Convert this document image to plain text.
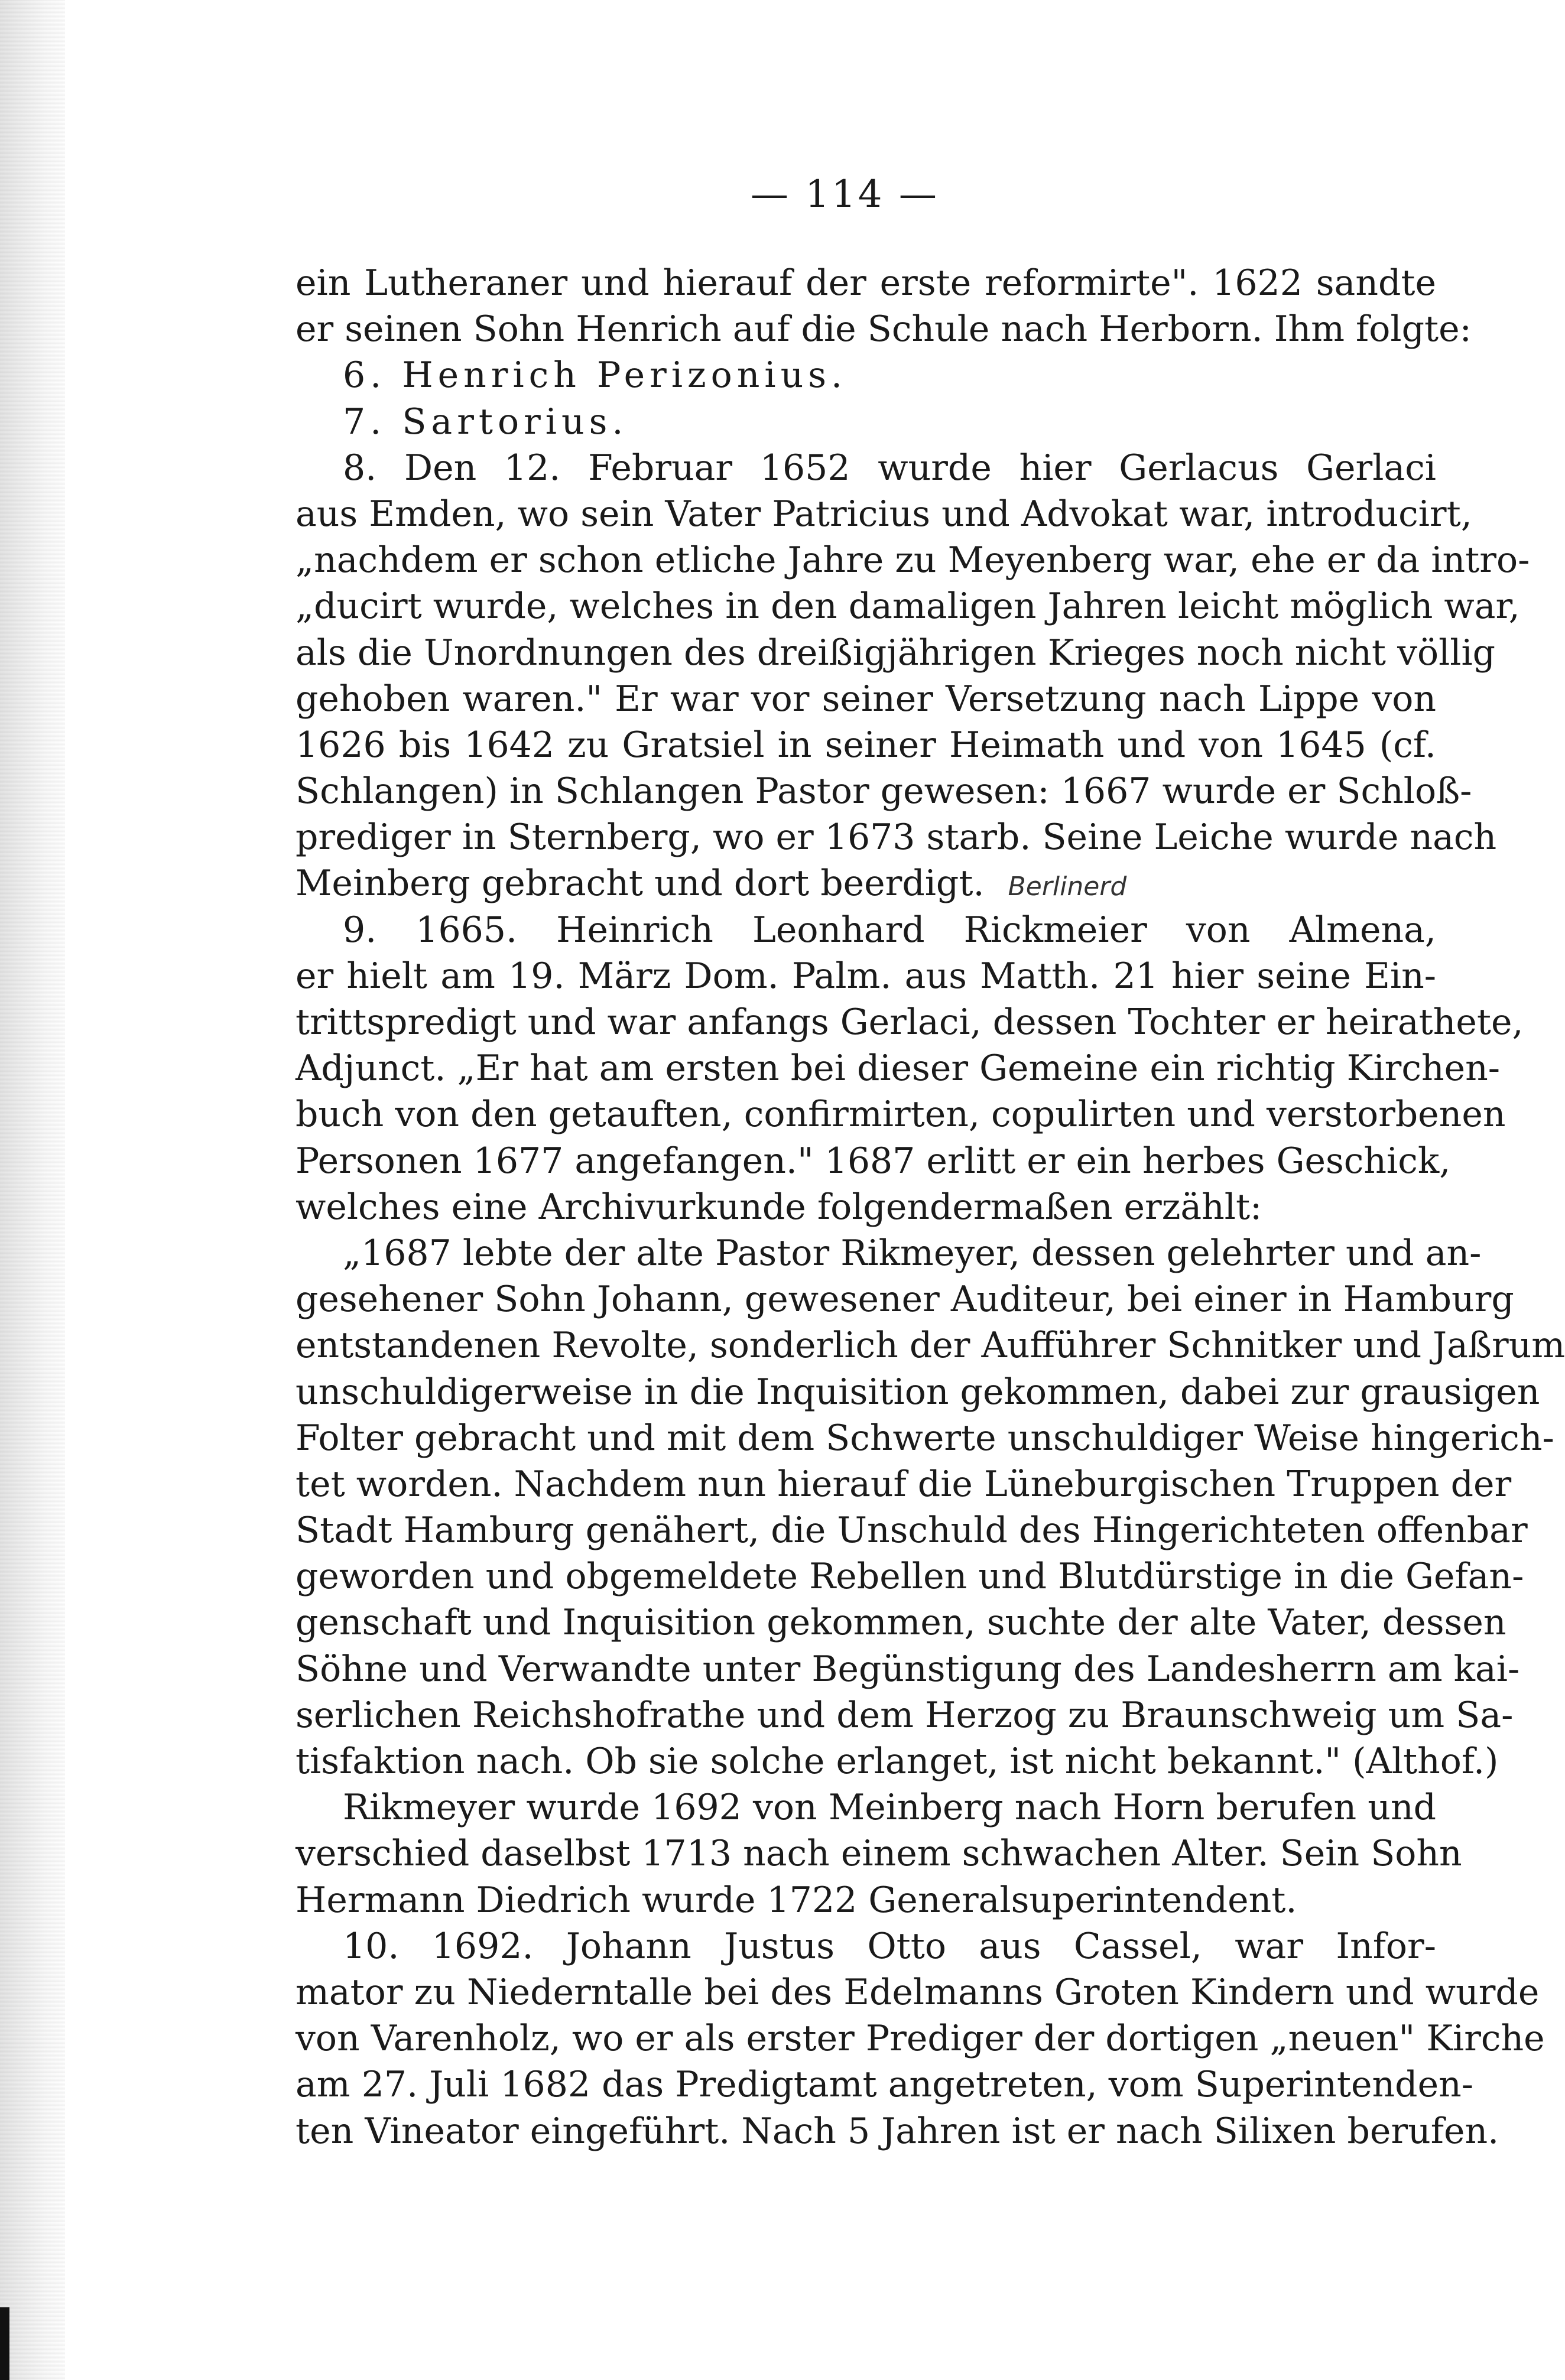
— 114 —
ein Lutheraner und hierauf der erste reformirte". 1622 sandte
er seinen Sohn Henrich auf die Schule nach Herborn. Ihm folgte:
6. Henrich Perizonius.
7. Sartorius.
8. Den 12. Februar 1652 wurde hier Gerlacus Gerlaci
aus Emden, wo sein Vater Patricius und Advokat war, introducirt,
„nachdem er schon etliche Jahre zu Meyenberg war, ehe er da intro-
„ducirt wurde, welches in den damaligen Jahren leicht möglich war,
als die Unordnungen des dreißigjährigen Krieges noch nicht völlig
gehoben waren." Er war vor seiner Versetzung nach Lippe von
1626 bis 1642 zu Gratsiel in seiner Heimath und von 1645 (cf.
Schlangen) in Schlangen Pastor gewesen: 1667 wurde er Schloß-
prediger in Sternberg, wo er 1673 starb. Seine Leiche wurde nach
Meinberg gebracht und dort beerdigt. Berlinerd
9. 1665. Heinrich Leonhard Rickmeier von Almena,
er hielt am 19. März Dom. Palm. aus Matth. 21 hier seine Ein-
trittspredigt und war anfangs Gerlaci, dessen Tochter er heirathete,
Adjunct. „Er hat am ersten bei dieser Gemeine ein richtig Kirchen-
buch von den getauften, confirmirten, copulirten und verstorbenen
Personen 1677 angefangen." 1687 erlitt er ein herbes Geschick,
welches eine Archivurkunde folgendermaßen erzählt:
„1687 lebte der alte Pastor Rikmeyer, dessen gelehrter und an-
gesehener Sohn Johann, gewesener Auditeur, bei einer in Hamburg
entstandenen Revolte, sonderlich der Aufführer Schnitker und Jaßrum
unschuldigerweise in die Inquisition gekommen, dabei zur grausigen
Folter gebracht und mit dem Schwerte unschuldiger Weise hingerich-
tet worden. Nachdem nun hierauf die Lüneburgischen Truppen der
Stadt Hamburg genähert, die Unschuld des Hingerichteten offenbar
geworden und obgemeldete Rebellen und Blutdürstige in die Gefan-
genschaft und Inquisition gekommen, suchte der alte Vater, dessen
Söhne und Verwandte unter Begünstigung des Landesherrn am kai-
serlichen Reichshofrathe und dem Herzog zu Braunschweig um Sa-
tisfaktion nach. Ob sie solche erlanget, ist nicht bekannt." (Althof.)
Rikmeyer wurde 1692 von Meinberg nach Horn berufen und
verschied daselbst 1713 nach einem schwachen Alter. Sein Sohn
Hermann Diedrich wurde 1722 Generalsuperintendent.
10. 1692. Johann Justus Otto aus Cassel, war Infor-
mator zu Niederntalle bei des Edelmanns Groten Kindern und wurde
von Varenholz, wo er als erster Prediger der dortigen „neuen" Kirche
am 27. Juli 1682 das Predigtamt angetreten, vom Superintenden-
ten Vineator eingeführt. Nach 5 Jahren ist er nach Silixen berufen.
